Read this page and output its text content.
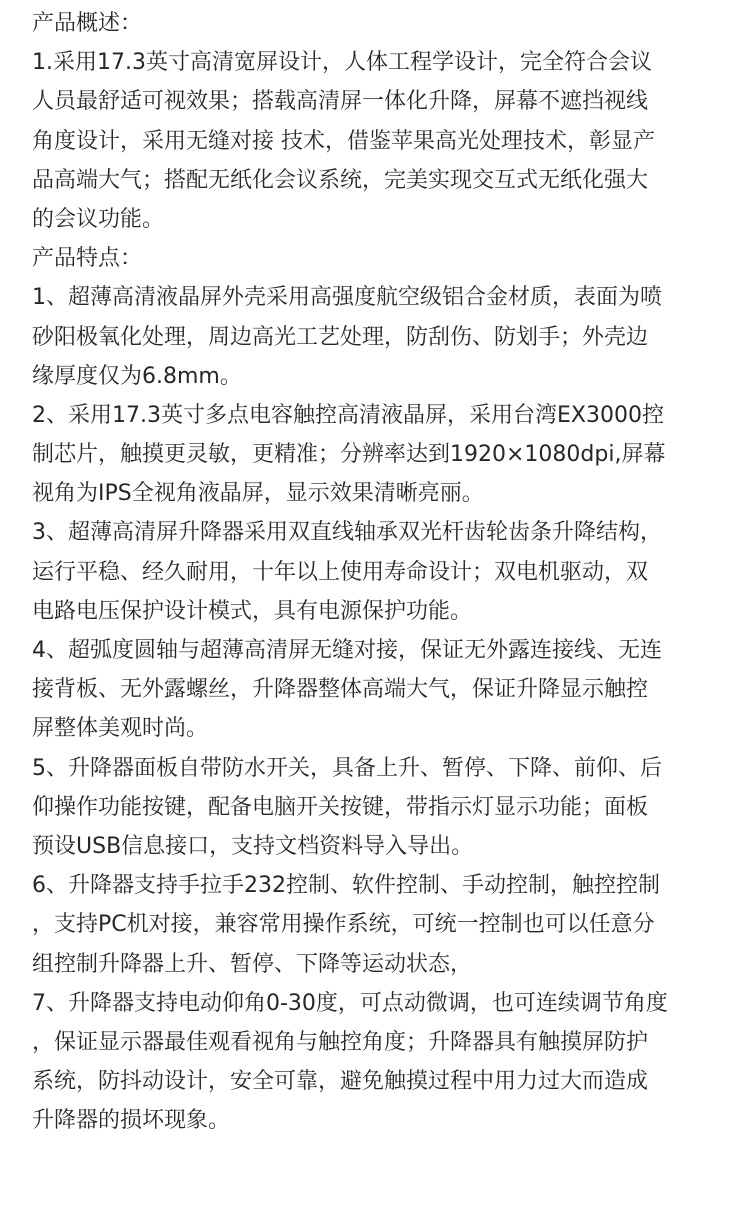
产品概述：
1.采用17.3英寸高清宽屏设计，人体工程学设计，完全符合会议
人员最舒适可视效果；搭载高清屏一体化升降，屏幕不遮挡视线
角度设计，采用无缝对接 技术，借鉴苹果高光处理技术，彰显产
品高端大气；搭配无纸化会议系统，完美实现交互式无纸化强大
的会议功能。
产品特点：
1、超薄高清液晶屏外壳采用高强度航空级铝合金材质，表面为喷
砂阳极氧化处理，周边高光工艺处理，防刮伤、防划手；外壳边
缘厚度仅为6.8mm。
2、采用17.3英寸多点电容触控高清液晶屏，采用台湾EX3000控
制芯片，触摸更灵敏，更精准；分辨率达到1920×1080dpi,屏幕
视角为IPS全视角液晶屏，显示效果清晰亮丽。
3、超薄高清屏升降器采用双直线轴承双光杆齿轮齿条升降结构，
运行平稳、经久耐用，十年以上使用寿命设计；双电机驱动，双
电路电压保护设计模式，具有电源保护功能。
4、超弧度圆轴与超薄高清屏无缝对接，保证无外露连接线、无连
接背板、无外露螺丝，升降器整体高端大气，保证升降显示触控
屏整体美观时尚。
5、升降器面板自带防水开关，具备上升、暂停、下降、前仰、后
仰操作功能按键，配备电脑开关按键，带指示灯显示功能；面板
预设USB信息接口，支持文档资料导入导出。
6、升降器支持手拉手232控制、软件控制、手动控制，触控控制
，支持PC机对接，兼容常用操作系统，可统一控制也可以任意分
组控制升降器上升、暂停、下降等运动状态，
7、升降器支持电动仰角0-30度，可点动微调，也可连续调节角度
，保证显示器最佳观看视角与触控角度；升降器具有触摸屏防护
系统，防抖动设计，安全可靠，避免触摸过程中用力过大而造成
升降器的损坏现象。
